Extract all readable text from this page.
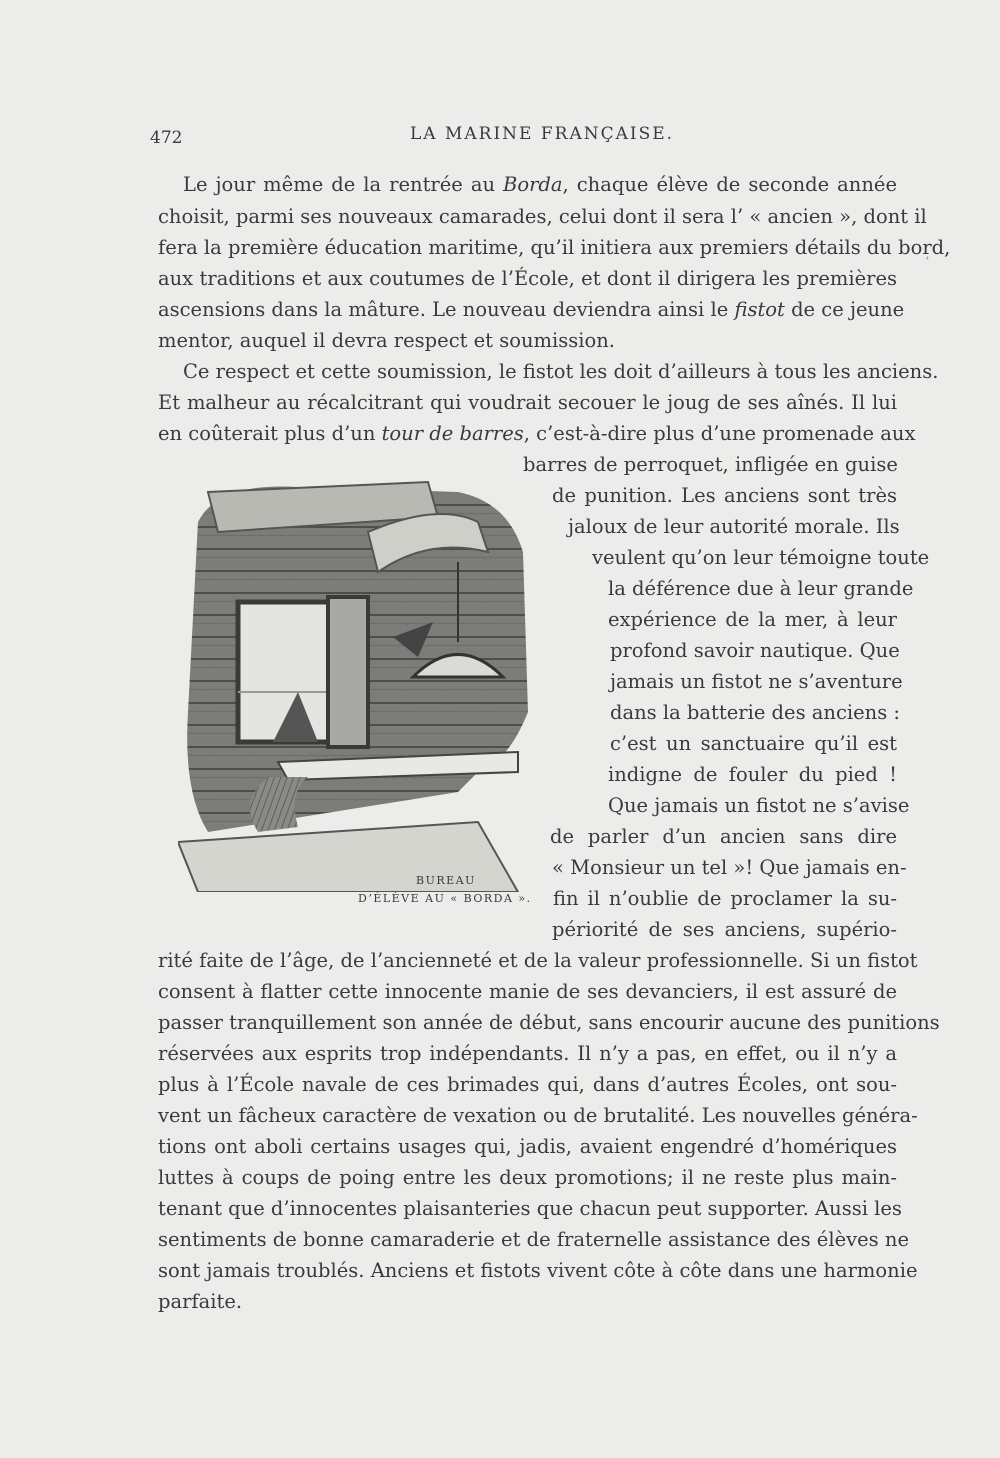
472	LA MARINE FRANÇAISE.
Le jour même de la rentrée au Borda, chaque élève de seconde année
choisit, parmi ses nouveaux camarades, celui dont il sera l’ « ancien », dont il
fera la première éducation maritime, qu’il initiera aux premiers détails du bord,
aux traditions et aux coutumes de l’École, et dont il dirigera les premières
ascensions dans la mâture. Le nouveau deviendra ainsi le fistot de ce jeune
mentor, auquel il devra respect et soumission.
Ce respect et cette soumission, le fistot les doit d’ailleurs à tous les anciens.
Et malheur au récalcitrant qui voudrait secouer le joug de ses aînés. Il lui
en coûterait plus d’un tour de barres, c’est-à-dire plus d’une promenade aux
barres de perroquet, infligée en guise
de punition. Les anciens sont très
jaloux de leur autorité morale. Ils
veulent qu’on leur témoigne toute
la déférence due à leur grande
expérience de la mer, à leur
profond savoir nautique. Que
jamais un fistot ne s’aventure
dans la batterie des anciens :
c’est un sanctuaire qu’il est
indigne de fouler du pied !
Que jamais un fistot ne s’avise
de parler d’un ancien sans dire
« Monsieur un tel »! Que jamais en-
fin il n’oublie de proclamer la su-
périorité de ses anciens, supério-
rité faite de l’âge, de l’ancienneté et de la valeur professionnelle. Si un fistot
consent à flatter cette innocente manie de ses devanciers, il est assuré de
passer tranquillement son année de début, sans encourir aucune des punitions
réservées aux esprits trop indépendants. Il n’y a pas, en effet, ou il n’y a
plus à l’École navale de ces brimades qui, dans d’autres Écoles, ont sou-
vent un fâcheux caractère de vexation ou de brutalité. Les nouvelles généra-
tions ont aboli certains usages qui, jadis, avaient engendré d’homériques
luttes à coups de poing entre les deux promotions; il ne reste plus main-
tenant que d’innocentes plaisanteries que chacun peut supporter. Aussi les
sentiments de bonne camaraderie et de fraternelle assistance des élèves ne
sont jamais troublés. Anciens et fistots vivent côte à côte dans une harmonie
parfaite.
BUREAU
D’ÉLÈVE AU « BORDA ».
’
